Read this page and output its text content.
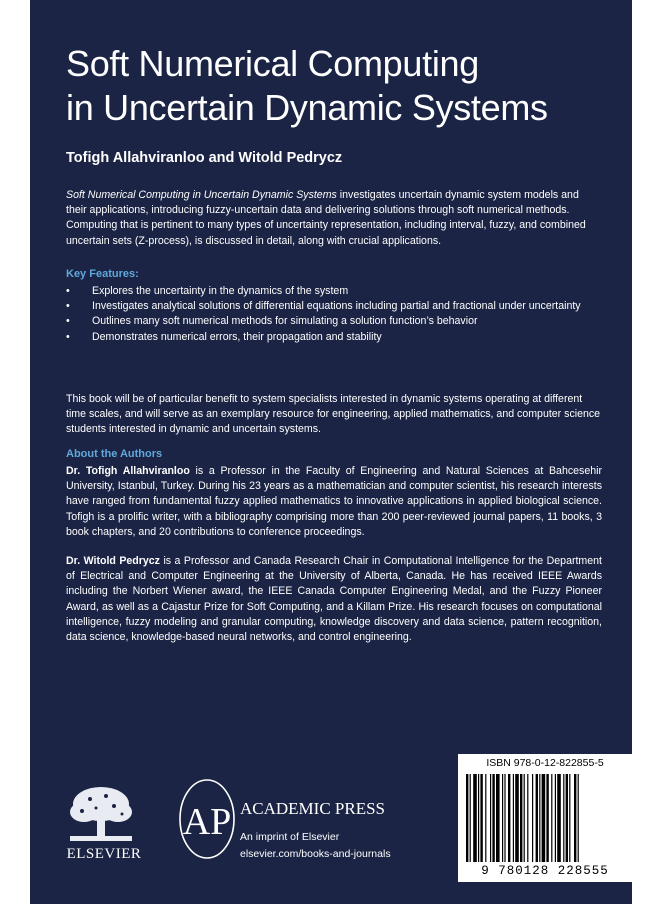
Soft Numerical Computing
in Uncertain Dynamic Systems
Tofigh Allahviranloo and Witold Pedrycz

Soft Numerical Computing in Uncertain Dynamic Systems investigates uncertain dynamic system models and their applications, introducing fuzzy-uncertain data and delivering solutions through soft numerical methods. Computing that is pertinent to many types of uncertainty representation, including interval, fuzzy, and combined uncertain sets (Z-process), is discussed in detail, along with crucial applications.

Key Features:
• Explores the uncertainty in the dynamics of the system
• Investigates analytical solutions of differential equations including partial and fractional under uncertainty
• Outlines many soft numerical methods for simulating a solution function’s behavior
• Demonstrates numerical errors, their propagation and stability

This book will be of particular benefit to system specialists interested in dynamic systems operating at different time scales, and will serve as an exemplary resource for engineering, applied mathematics, and computer science students interested in dynamic and uncertain systems.

About the Authors

Dr. Tofigh Allahviranloo is a Professor in the Faculty of Engineering and Natural Sciences at Bahcesehir University, Istanbul, Turkey. During his 23 years as a mathematician and computer scientist, his research interests have ranged from fundamental fuzzy applied mathematics to innovative applications in applied biological science. Tofigh is a prolific writer, with a bibliography comprising more than 200 peer-reviewed journal papers, 11 books, 3 book chapters, and 20 contributions to conference proceedings.

Dr. Witold Pedrycz is a Professor and Canada Research Chair in Computational Intelligence for the Department of Electrical and Computer Engineering at the University of Alberta, Canada. He has received IEEE Awards including the Norbert Wiener award, the IEEE Canada Computer Engineering Medal, and the Fuzzy Pioneer Award, as well as a Cajastur Prize for Soft Computing, and a Killam Prize. His research focuses on computational intelligence, fuzzy modeling and granular computing, knowledge discovery and data science, pattern recognition, data science, knowledge-based neural networks, and control engineering.

ELSEVIER
AP ACADEMIC PRESS
An imprint of Elsevier
elsevier.com/books-and-journals
ISBN 978-0-12-822855-5
9 780128 228555
